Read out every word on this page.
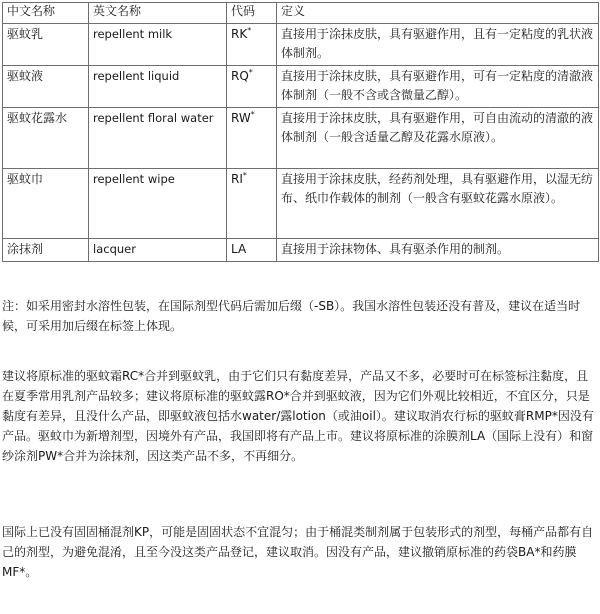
中文名称	英文名称	代码	定义
驱蚊乳	repellent milk	RK*	直接用于涂抹皮肤，具有驱避作用，且有一定粘度的乳状液体制剂。
驱蚊液	repellent liquid	RQ*	直接用于涂抹皮肤，具有驱避作用，可有一定粘度的清澈液体制剂（一般不含或含微量乙醇）。
驱蚊花露水	repellent floral water	RW*	直接用于涂抹皮肤，具有驱避作用，可自由流动的清澈的液体制剂（一般含适量乙醇及花露水原液）。
驱蚊巾	repellent wipe	RI*	直接用于涂抹皮肤，经药剂处理，具有驱避作用，以湿无纺布、纸巾作载体的制剂（一般含有驱蚊花露水原液）。
涂抹剂	lacquer	LA	直接用于涂抹物体、具有驱杀作用的制剂。

注：如采用密封水溶性包装，在国际剂型代码后需加后缀（-SB）。我国水溶性包装还没有普及，建议在适当时候，可采用加后缀在标签上体现。

建议将原标准的驱蚊霜RC*合并到驱蚊乳，由于它们只有黏度差异，产品又不多，必要时可在标签标注黏度，且在夏季常用乳剂产品较多；建议将原标准的驱蚊露RO*合并到驱蚊液，因为它们外观比较相近，不宜区分，只是黏度有差异，且没什么产品，即驱蚊液包括水water/露lotion（或油oil）。建议取消农行标的驱蚊膏RMP*因没有产品。驱蚊巾为新增剂型，因境外有产品，我国即将有产品上市。建议将原标准的涂膜剂LA（国际上没有）和窗纱涂剂PW*合并为涂抹剂，因这类产品不多，不再细分。

国际上已没有固固桶混剂KP，可能是固固状态不宜混匀；由于桶混类制剂属于包装形式的剂型，每桶产品都有自己的剂型，为避免混淆，且至今没这类产品登记，建议取消。因没有产品，建议撤销原标准的药袋BA*和药膜MF*。
